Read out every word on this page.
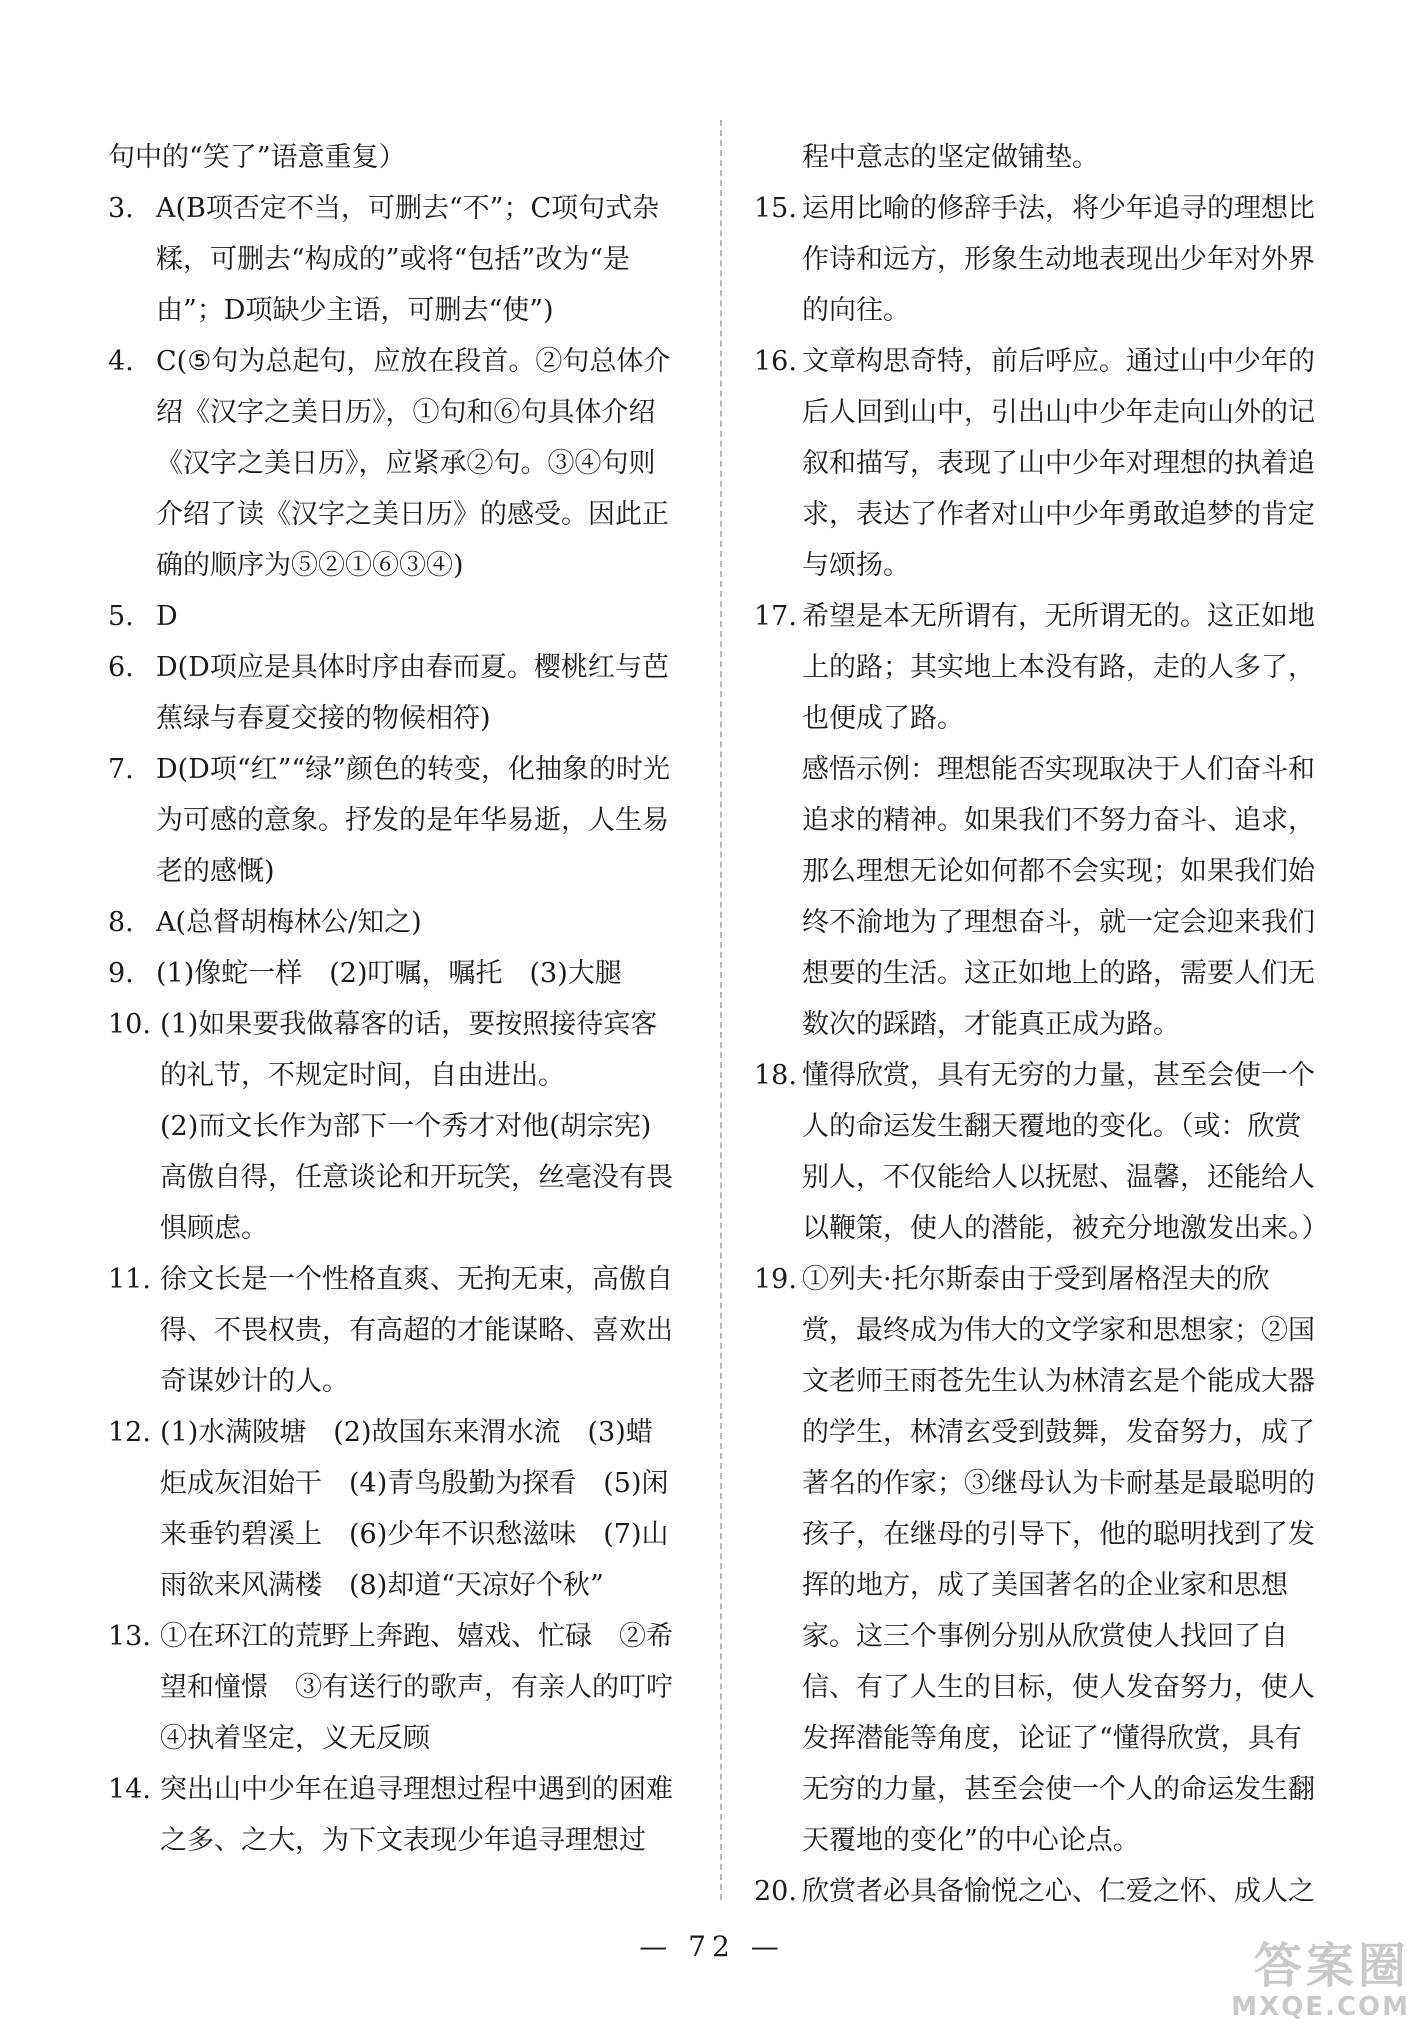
句中的“笑了”语意重复）

3. A(B项否定不当，可删去“不”；C项句式杂糅，可删去“构成的”或将“包括”改为“是由”；D项缺少主语，可删去“使”)
4. C(⑤句为总起句，应放在段首。②句总体介绍《汉字之美日历》，①句和⑥句具体介绍《汉字之美日历》，应紧承②句。③④句则介绍了读《汉字之美日历》的感受。因此正确的顺序为⑤②①⑥③④)
5. D
6. D(D项应是具体时序由春而夏。樱桃红与芭蕉绿与春夏交接的物候相符)
7. D(D项“红”“绿”颜色的转变，化抽象的时光为可感的意象。抒发的是年华易逝，人生易老的感慨)
8. A(总督胡梅林公/知之)
9. (1)像蛇一样　(2)叮嘱，嘱托　(3)大腿
10. (1)如果要我做幕客的话，要按照接待宾客的礼节，不规定时间，自由进出。

(2)而文长作为部下一个秀才对他(胡宗宪)高傲自得，任意谈论和开玩笑，丝毫没有畏惧顾虑。

11. 徐文长是一个性格直爽、无拘无束，高傲自得、不畏权贵，有高超的才能谋略、喜欢出奇谋妙计的人。
12. (1)水满陂塘　(2)故国东来渭水流　(3)蜡炬成灰泪始干　(4)青鸟殷勤为探看　(5)闲来垂钓碧溪上　(6)少年不识愁滋味　(7)山雨欲来风满楼　(8)却道“天凉好个秋”
13. ①在环江的荒野上奔跑、嬉戏、忙碌　②希望和憧憬　③有送行的歌声，有亲人的叮咛　④执着坚定，义无反顾
14. 突出山中少年在追寻理想过程中遇到的困难之多、之大，为下文表现少年追寻理想过

程中意志的坚定做铺垫。

15. 运用比喻的修辞手法，将少年追寻的理想比作诗和远方，形象生动地表现出少年对外界的向往。
16. 文章构思奇特，前后呼应。通过山中少年的后人回到山中，引出山中少年走向山外的记叙和描写，表现了山中少年对理想的执着追求，表达了作者对山中少年勇敢追梦的肯定与颂扬。
17. 希望是本无所谓有，无所谓无的。这正如地上的路；其实地上本没有路，走的人多了，也便成了路。

感悟示例：理想能否实现取决于人们奋斗和追求的精神。如果我们不努力奋斗、追求，那么理想无论如何都不会实现；如果我们始终不渝地为了理想奋斗，就一定会迎来我们想要的生活。这正如地上的路，需要人们无数次的踩踏，才能真正成为路。

18. 懂得欣赏，具有无穷的力量，甚至会使一个人的命运发生翻天覆地的变化。（或：欣赏别人，不仅能给人以抚慰、温馨，还能给人以鞭策，使人的潜能，被充分地激发出来。）
19. ①列夫·托尔斯泰由于受到屠格涅夫的欣赏，最终成为伟大的文学家和思想家；②国文老师王雨苍先生认为林清玄是个能成大器的学生，林清玄受到鼓舞，发奋努力，成了著名的作家；③继母认为卡耐基是最聪明的孩子，在继母的引导下，他的聪明找到了发挥的地方，成了美国著名的企业家和思想家。这三个事例分别从欣赏使人找回了自信、有了人生的目标，使人发奋努力，使人发挥潜能等角度，论证了“懂得欣赏，具有无穷的力量，甚至会使一个人的命运发生翻天覆地的变化”的中心论点。
20. 欣赏者必具备愉悦之心、仁爱之怀、成人之
— 72 —	答案圈
MXQE.COM
